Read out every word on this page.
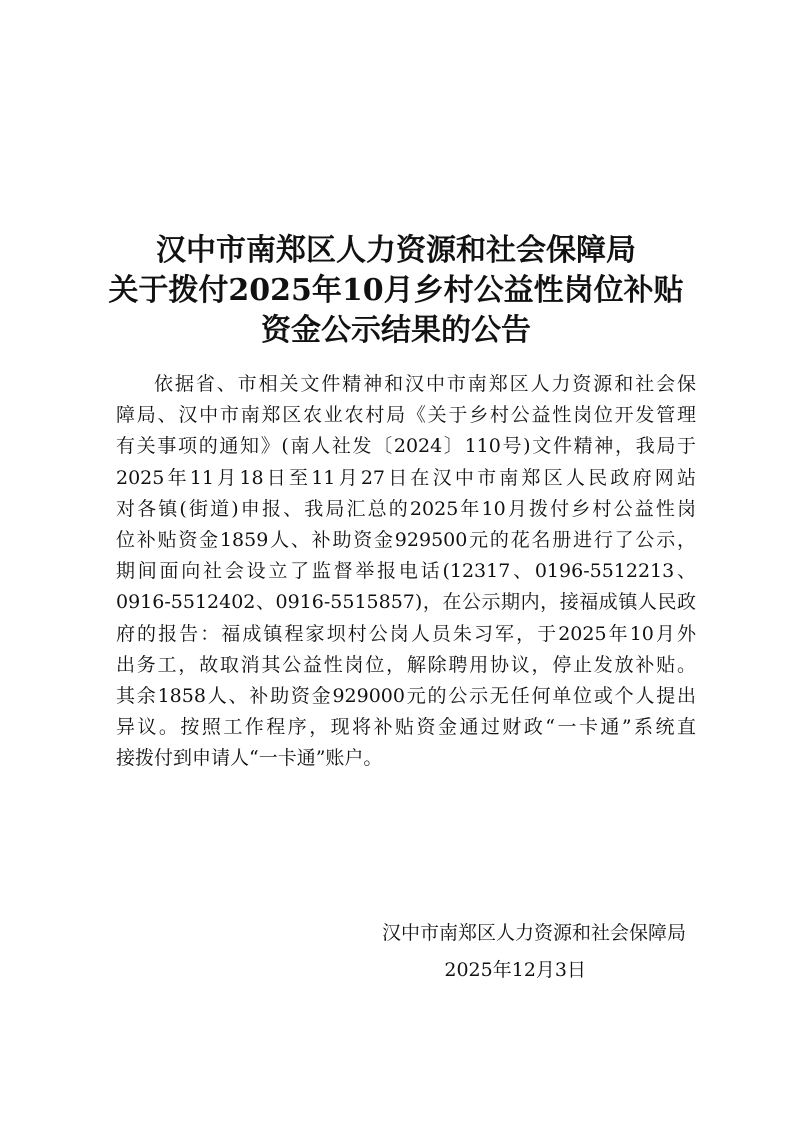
汉中市南郑区人力资源和社会保障局
关于拨付2025年10月乡村公益性岗位补贴
资金公示结果的公告
依据省、市相关文件精神和汉中市南郑区人力资源和社会保
障局、汉中市南郑区农业农村局《关于乡村公益性岗位开发管理
有关事项的通知》(南人社发〔2024〕110号)文件精神，我局于
2025年11月18日至11月27日在汉中市南郑区人民政府网站
对各镇(街道)申报、我局汇总的2025年10月拨付乡村公益性岗
位补贴资金1859人、补助资金929500元的花名册进行了公示，
期间面向社会设立了监督举报电话(12317、0196-5512213、
0916-5512402、0916-5515857)，在公示期内，接福成镇人民政
府的报告：福成镇程家坝村公岗人员朱习军，于2025年10月外
出务工，故取消其公益性岗位，解除聘用协议，停止发放补贴。
其余1858人、补助资金929000元的公示无任何单位或个人提出
异议。按照工作程序，现将补贴资金通过财政“一卡通”系统直
接拨付到申请人“一卡通”账户。
汉中市南郑区人力资源和社会保障局
2025年12月3日
